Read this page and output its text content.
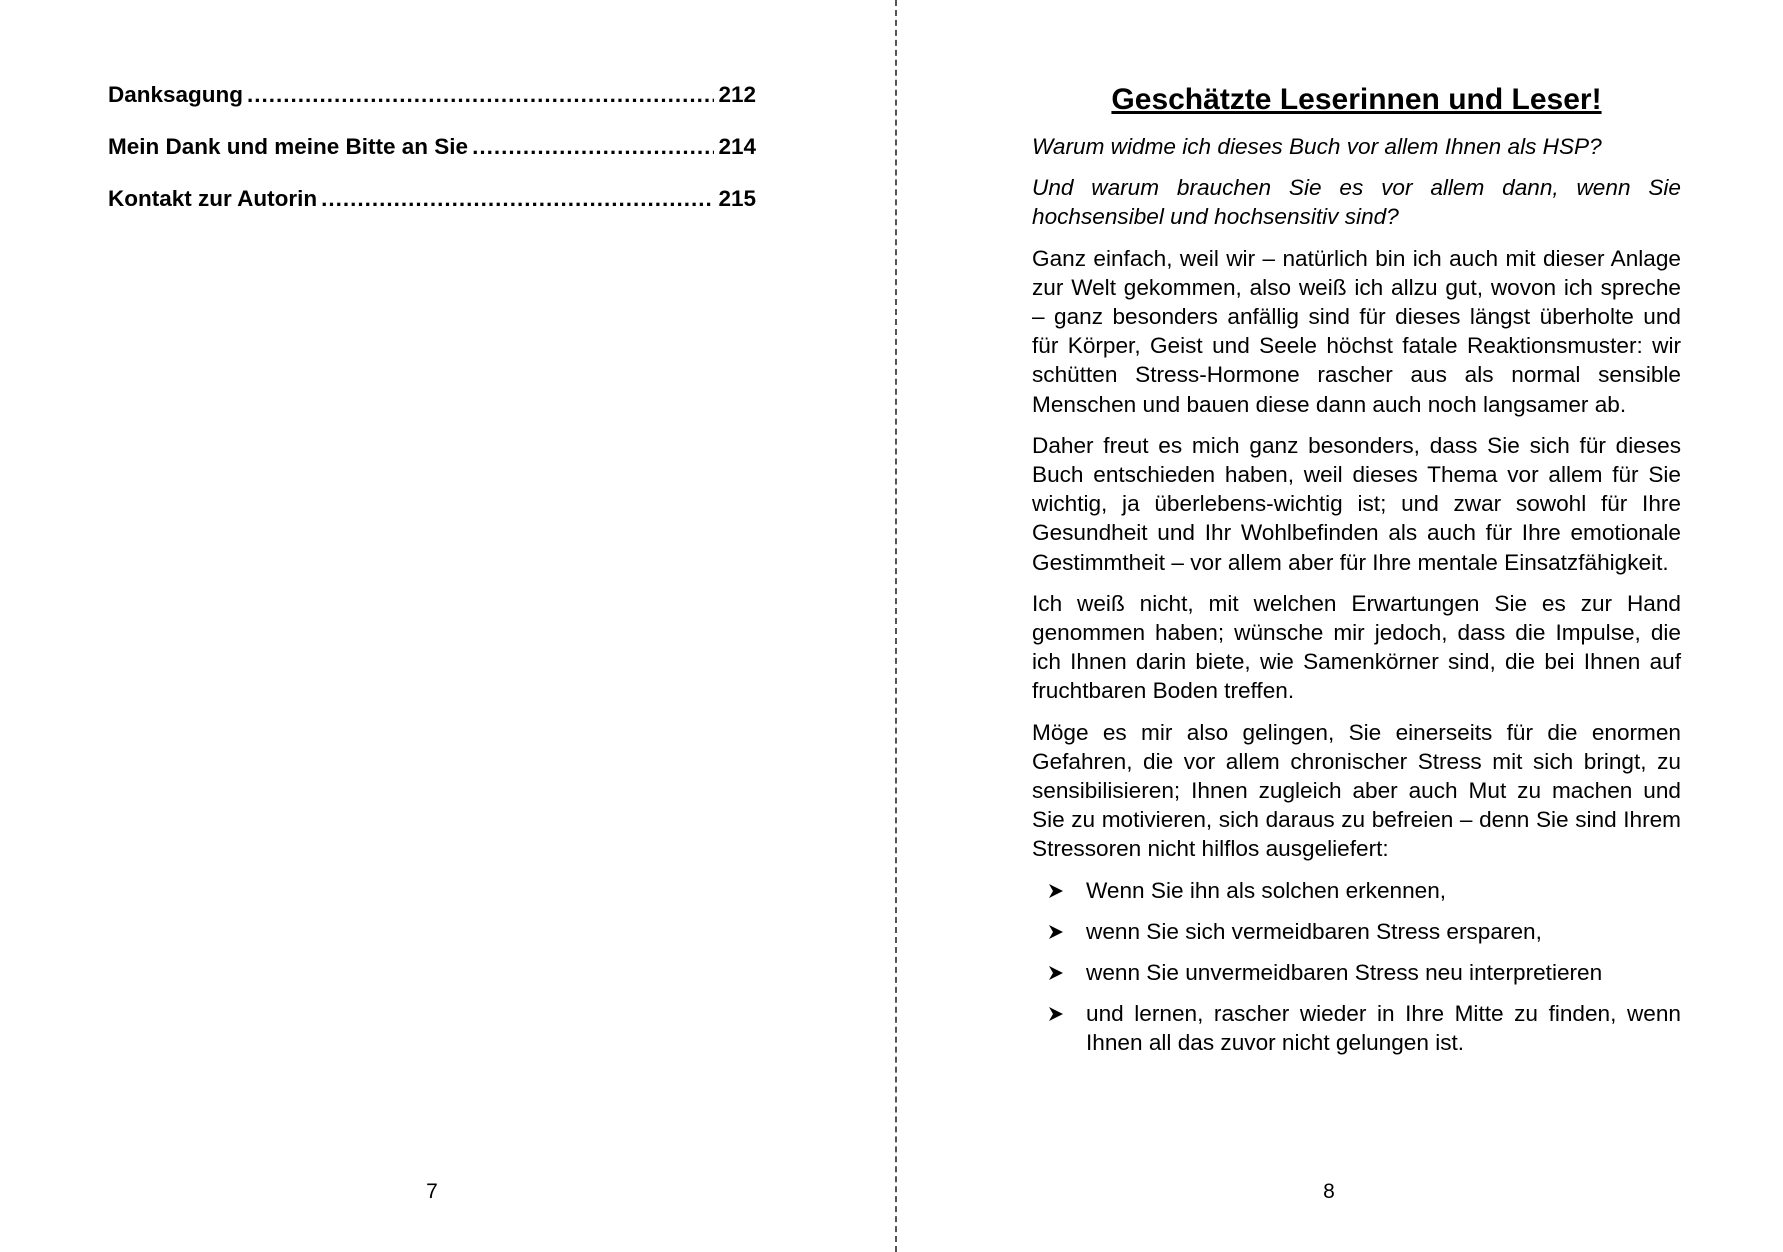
Danksagung .....	212
Mein Dank und meine Bitte an Sie .....	214
Kontakt zur Autorin .....	215
7
Geschätzte Leserinnen und Leser!

Warum widme ich dieses Buch vor allem Ihnen als HSP?

Und warum brauchen Sie es vor allem dann, wenn Sie hochsensibel und hochsensitiv sind?

Ganz einfach, weil wir – natürlich bin ich auch mit dieser Anlage zur Welt gekommen, also weiß ich allzu gut, wovon ich spreche – ganz besonders anfällig sind für dieses längst überholte und für Körper, Geist und Seele höchst fatale Reaktionsmuster: wir schütten Stress-Hormone rascher aus als normal sensible Menschen und bauen diese dann auch noch langsamer ab.

Daher freut es mich ganz besonders, dass Sie sich für dieses Buch entschieden haben, weil dieses Thema vor allem für Sie wichtig, ja überlebens-wichtig ist; und zwar sowohl für Ihre Gesundheit und Ihr Wohlbefinden als auch für Ihre emotionale Gestimmtheit – vor allem aber für Ihre mentale Einsatzfähigkeit.

Ich weiß nicht, mit welchen Erwartungen Sie es zur Hand genommen haben; wünsche mir jedoch, dass die Impulse, die ich Ihnen darin biete, wie Samenkörner sind, die bei Ihnen auf fruchtbaren Boden treffen.

Möge es mir also gelingen, Sie einerseits für die enormen Gefahren, die vor allem chronischer Stress mit sich bringt, zu sensibilisieren; Ihnen zugleich aber auch Mut zu machen und Sie zu motivieren, sich daraus zu befreien – denn Sie sind Ihrem Stressoren nicht hilflos ausgeliefert:

Wenn Sie ihn als solchen erkennen,
wenn Sie sich vermeidbaren Stress ersparen,
wenn Sie unvermeidbaren Stress neu interpretieren
und lernen, rascher wieder in Ihre Mitte zu finden, wenn Ihnen all das zuvor nicht gelungen ist.
8
